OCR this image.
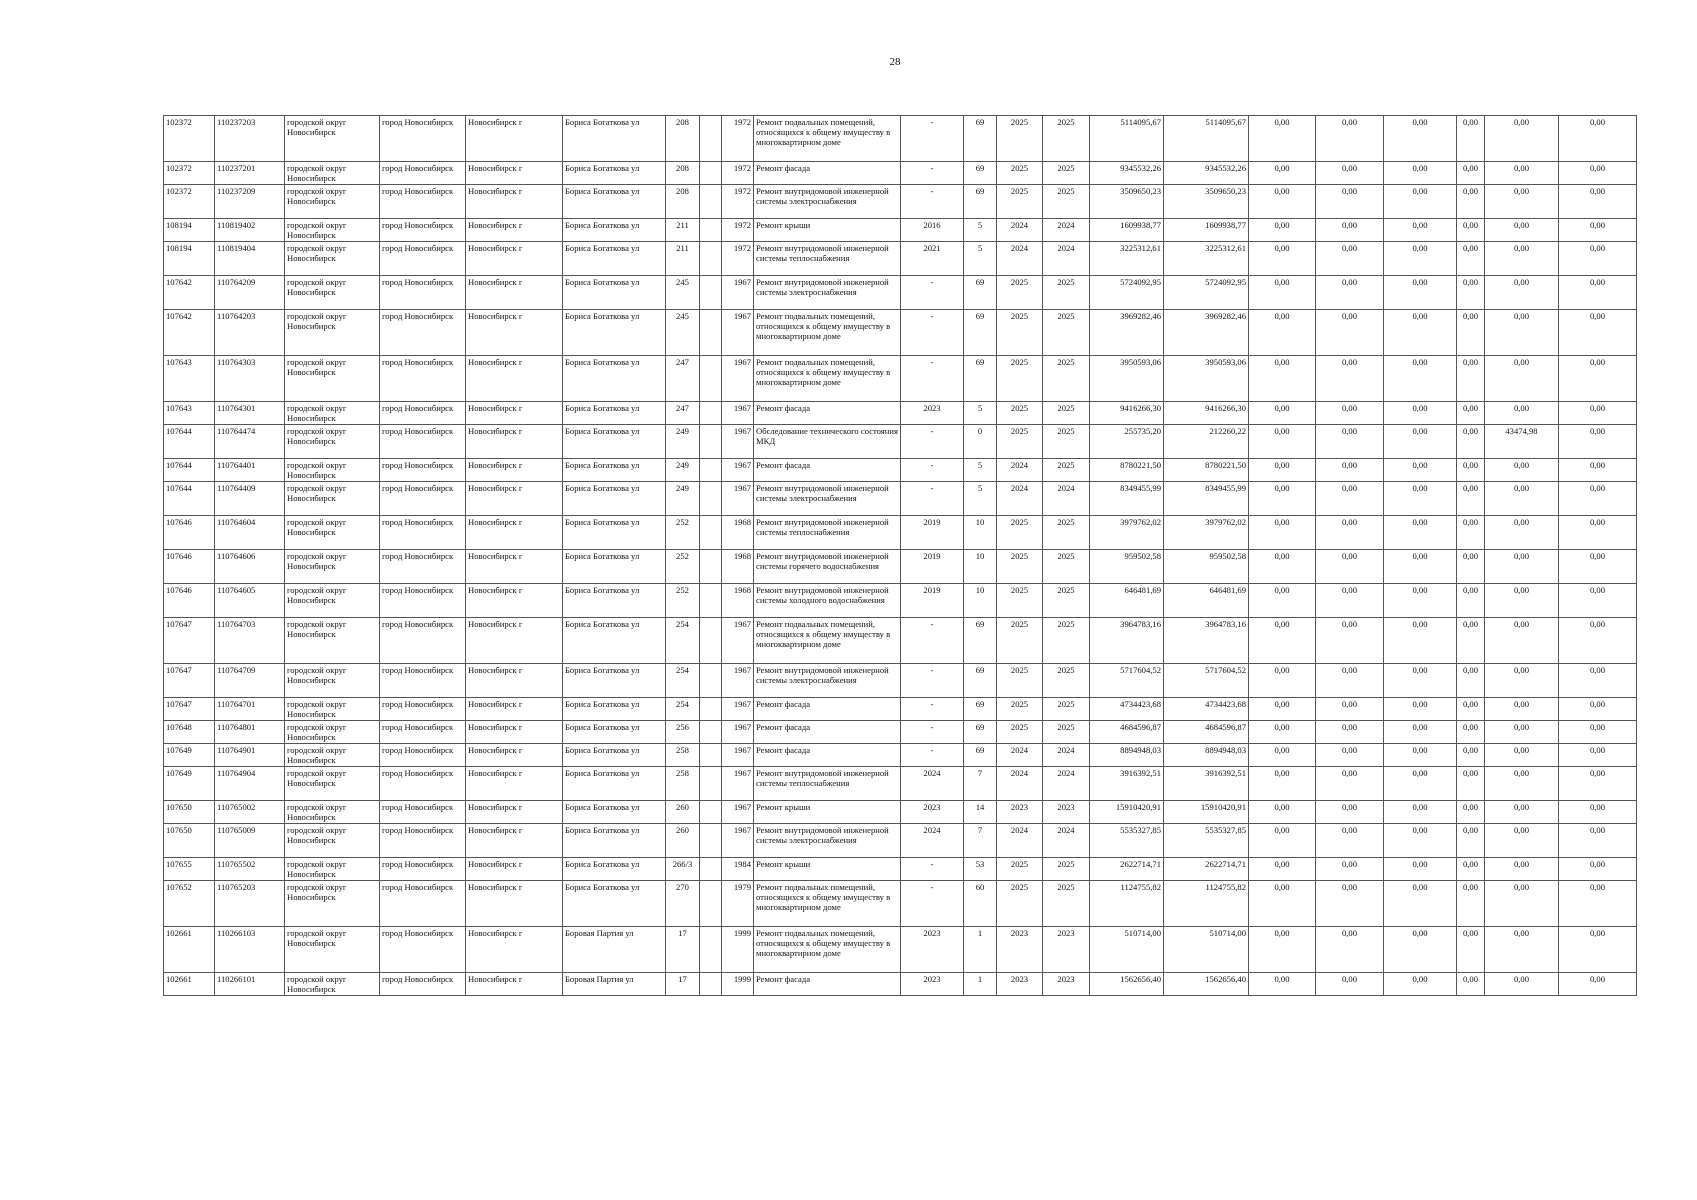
28
102372	110237203	городской округ Новосибирск	город Новосибирск	Новосибирск г	Бориса Богаткова ул	208		1972	Ремонт подвальных помещений, относящихся к общему имуществу в многоквартирном доме	-	69	2025	2025	5114095,67	5114095,67	0,00	0,00	0,00	0,00	0,00	0,00
102372	110237201	городской округ Новосибирск	город Новосибирск	Новосибирск г	Бориса Богаткова ул	208		1972	Ремонт фасада	-	69	2025	2025	9345532,26	9345532,26	0,00	0,00	0,00	0,00	0,00	0,00
102372	110237209	городской округ Новосибирск	город Новосибирск	Новосибирск г	Бориса Богаткова ул	208		1972	Ремонт внутридомовой инженерной системы электроснабжения	-	69	2025	2025	3509650,23	3509650,23	0,00	0,00	0,00	0,00	0,00	0,00
108194	110819402	городской округ Новосибирск	город Новосибирск	Новосибирск г	Бориса Богаткова ул	211		1972	Ремонт крыши	2016	5	2024	2024	1609938,77	1609938,77	0,00	0,00	0,00	0,00	0,00	0,00
108194	110819404	городской округ Новосибирск	город Новосибирск	Новосибирск г	Бориса Богаткова ул	211		1972	Ремонт внутридомовой инженерной системы теплоснабжения	2021	5	2024	2024	3225312,61	3225312,61	0,00	0,00	0,00	0,00	0,00	0,00
107642	110764209	городской округ Новосибирск	город Новосибирск	Новосибирск г	Бориса Богаткова ул	245		1967	Ремонт внутридомовой инженерной системы электроснабжения	-	69	2025	2025	5724092,95	5724092,95	0,00	0,00	0,00	0,00	0,00	0,00
107642	110764203	городской округ Новосибирск	город Новосибирск	Новосибирск г	Бориса Богаткова ул	245		1967	Ремонт подвальных помещений, относящихся к общему имуществу в многоквартирном доме	-	69	2025	2025	3969282,46	3969282,46	0,00	0,00	0,00	0,00	0,00	0,00
107643	110764303	городской округ Новосибирск	город Новосибирск	Новосибирск г	Бориса Богаткова ул	247		1967	Ремонт подвальных помещений, относящихся к общему имуществу в многоквартирном доме	-	69	2025	2025	3950593,06	3950593,06	0,00	0,00	0,00	0,00	0,00	0,00
107643	110764301	городской округ Новосибирск	город Новосибирск	Новосибирск г	Бориса Богаткова ул	247		1967	Ремонт фасада	2023	5	2025	2025	9416266,30	9416266,30	0,00	0,00	0,00	0,00	0,00	0,00
107644	110764474	городской округ Новосибирск	город Новосибирск	Новосибирск г	Бориса Богаткова ул	249		1967	Обследование технического состояния МКД	-	0	2025	2025	255735,20	212260,22	0,00	0,00	0,00	0,00	43474,98	0,00
107644	110764401	городской округ Новосибирск	город Новосибирск	Новосибирск г	Бориса Богаткова ул	249		1967	Ремонт фасада	-	5	2024	2025	8780221,50	8780221,50	0,00	0,00	0,00	0,00	0,00	0,00
107644	110764409	городской округ Новосибирск	город Новосибирск	Новосибирск г	Бориса Богаткова ул	249		1967	Ремонт внутридомовой инженерной системы электроснабжения	-	5	2024	2024	8349455,99	8349455,99	0,00	0,00	0,00	0,00	0,00	0,00
107646	110764604	городской округ Новосибирск	город Новосибирск	Новосибирск г	Бориса Богаткова ул	252		1968	Ремонт внутридомовой инженерной системы теплоснабжения	2019	10	2025	2025	3979762,02	3979762,02	0,00	0,00	0,00	0,00	0,00	0,00
107646	110764606	городской округ Новосибирск	город Новосибирск	Новосибирск г	Бориса Богаткова ул	252		1968	Ремонт внутридомовой инженерной системы горячего водоснабжения	2019	10	2025	2025	959502,58	959502,58	0,00	0,00	0,00	0,00	0,00	0,00
107646	110764605	городской округ Новосибирск	город Новосибирск	Новосибирск г	Бориса Богаткова ул	252		1968	Ремонт внутридомовой инженерной системы холодного водоснабжения	2019	10	2025	2025	646481,69	646481,69	0,00	0,00	0,00	0,00	0,00	0,00
107647	110764703	городской округ Новосибирск	город Новосибирск	Новосибирск г	Бориса Богаткова ул	254		1967	Ремонт подвальных помещений, относящихся к общему имуществу в многоквартирном доме	-	69	2025	2025	3964783,16	3964783,16	0,00	0,00	0,00	0,00	0,00	0,00
107647	110764709	городской округ Новосибирск	город Новосибирск	Новосибирск г	Бориса Богаткова ул	254		1967	Ремонт внутридомовой инженерной системы электроснабжения	-	69	2025	2025	5717604,52	5717604,52	0,00	0,00	0,00	0,00	0,00	0,00
107647	110764701	городской округ Новосибирск	город Новосибирск	Новосибирск г	Бориса Богаткова ул	254		1967	Ремонт фасада	-	69	2025	2025	4734423,68	4734423,68	0,00	0,00	0,00	0,00	0,00	0,00
107648	110764801	городской округ Новосибирск	город Новосибирск	Новосибирск г	Бориса Богаткова ул	256		1967	Ремонт фасада	-	69	2025	2025	4684596,87	4684596,87	0,00	0,00	0,00	0,00	0,00	0,00
107649	110764901	городской округ Новосибирск	город Новосибирск	Новосибирск г	Бориса Богаткова ул	258		1967	Ремонт фасада	-	69	2024	2024	8894948,03	8894948,03	0,00	0,00	0,00	0,00	0,00	0,00
107649	110764904	городской округ Новосибирск	город Новосибирск	Новосибирск г	Бориса Богаткова ул	258		1967	Ремонт внутридомовой инженерной системы теплоснабжения	2024	7	2024	2024	3916392,51	3916392,51	0,00	0,00	0,00	0,00	0,00	0,00
107650	110765002	городской округ Новосибирск	город Новосибирск	Новосибирск г	Бориса Богаткова ул	260		1967	Ремонт крыши	2023	14	2023	2023	15910420,91	15910420,91	0,00	0,00	0,00	0,00	0,00	0,00
107650	110765009	городской округ Новосибирск	город Новосибирск	Новосибирск г	Бориса Богаткова ул	260		1967	Ремонт внутридомовой инженерной системы электроснабжения	2024	7	2024	2024	5535327,85	5535327,85	0,00	0,00	0,00	0,00	0,00	0,00
107655	110765502	городской округ Новосибирск	город Новосибирск	Новосибирск г	Бориса Богаткова ул	266/3		1984	Ремонт крыши	-	53	2025	2025	2622714,71	2622714,71	0,00	0,00	0,00	0,00	0,00	0,00
107652	110765203	городской округ Новосибирск	город Новосибирск	Новосибирск г	Бориса Богаткова ул	270		1979	Ремонт подвальных помещений, относящихся к общему имуществу в многоквартирном доме	-	60	2025	2025	1124755,82	1124755,82	0,00	0,00	0,00	0,00	0,00	0,00
102661	110266103	городской округ Новосибирск	город Новосибирск	Новосибирск г	Боровая Партия ул	17		1999	Ремонт подвальных помещений, относящихся к общему имуществу в многоквартирном доме	2023	1	2023	2023	510714,00	510714,00	0,00	0,00	0,00	0,00	0,00	0,00
102661	110266101	городской округ Новосибирск	город Новосибирск	Новосибирск г	Боровая Партия ул	17		1999	Ремонт фасада	2023	1	2023	2023	1562656,40	1562656,40	0,00	0,00	0,00	0,00	0,00	0,00
